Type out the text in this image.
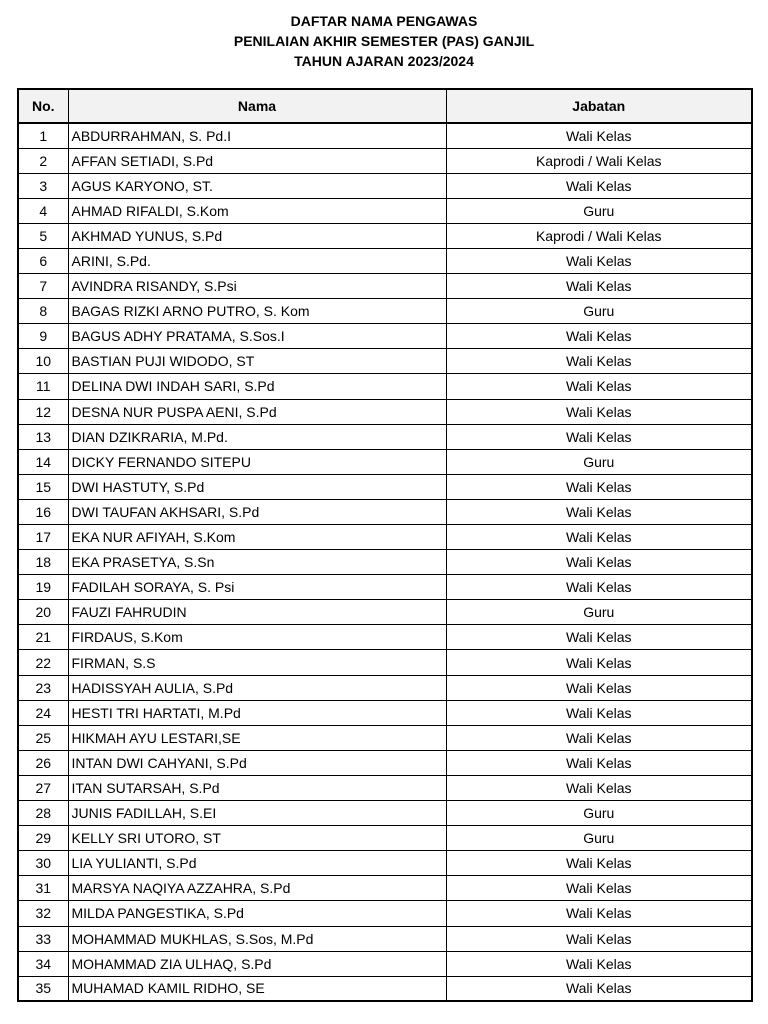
DAFTAR NAMA PENGAWAS
PENILAIAN AKHIR SEMESTER (PAS) GANJIL
TAHUN AJARAN 2023/2024
No.	Nama	Jabatan
1	ABDURRAHMAN, S. Pd.I	Wali Kelas
2	AFFAN SETIADI, S.Pd	Kaprodi / Wali Kelas
3	AGUS KARYONO, ST.	Wali Kelas
4	AHMAD RIFALDI, S.Kom	Guru
5	AKHMAD YUNUS, S.Pd	Kaprodi / Wali Kelas
6	ARINI, S.Pd.	Wali Kelas
7	AVINDRA RISANDY, S.Psi	Wali Kelas
8	BAGAS RIZKI ARNO PUTRO, S. Kom	Guru
9	BAGUS ADHY PRATAMA, S.Sos.I	Wali Kelas
10	BASTIAN PUJI WIDODO, ST	Wali Kelas
11	DELINA DWI INDAH SARI, S.Pd	Wali Kelas
12	DESNA NUR PUSPA AENI, S.Pd	Wali Kelas
13	DIAN DZIKRARIA, M.Pd.	Wali Kelas
14	DICKY FERNANDO SITEPU	Guru
15	DWI HASTUTY, S.Pd	Wali Kelas
16	DWI TAUFAN AKHSARI, S.Pd	Wali Kelas
17	EKA NUR AFIYAH, S.Kom	Wali Kelas
18	EKA PRASETYA, S.Sn	Wali Kelas
19	FADILAH SORAYA, S. Psi	Wali Kelas
20	FAUZI FAHRUDIN	Guru
21	FIRDAUS, S.Kom	Wali Kelas
22	FIRMAN, S.S	Wali Kelas
23	HADISSYAH AULIA, S.Pd	Wali Kelas
24	HESTI TRI HARTATI, M.Pd	Wali Kelas
25	HIKMAH AYU LESTARI,SE	Wali Kelas
26	INTAN DWI CAHYANI, S.Pd	Wali Kelas
27	ITAN SUTARSAH, S.Pd	Wali Kelas
28	JUNIS FADILLAH, S.EI	Guru
29	KELLY SRI UTORO, ST	Guru
30	LIA YULIANTI, S.Pd	Wali Kelas
31	MARSYA NAQIYA AZZAHRA, S.Pd	Wali Kelas
32	MILDA PANGESTIKA, S.Pd	Wali Kelas
33	MOHAMMAD MUKHLAS, S.Sos, M.Pd	Wali Kelas
34	MOHAMMAD ZIA ULHAQ, S.Pd	Wali Kelas
35	MUHAMAD KAMIL RIDHO, SE	Wali Kelas
